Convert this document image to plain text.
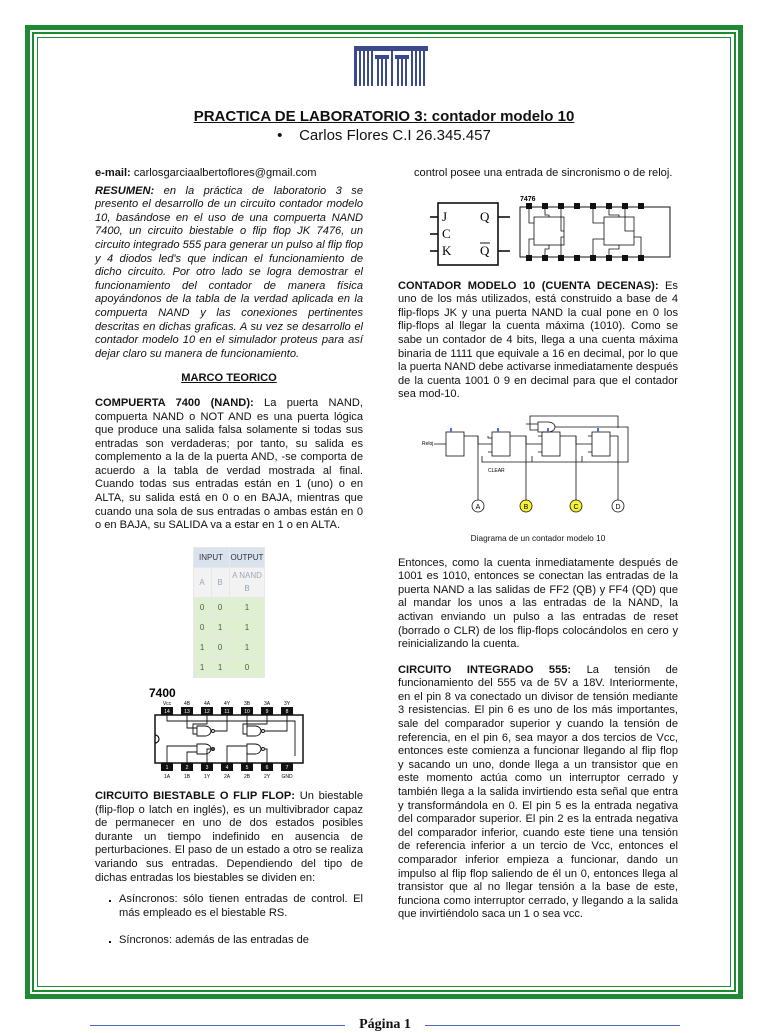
PRACTICA DE LABORATORIO 3: contador modelo 10
•    Carlos Flores C.I 26.345.457

e-mail: carlosgarciaalbertoflores@gmail.com

RESUMEN: en la práctica de laboratorio 3 se presento el desarrollo de un circuito contador modelo 10, basándose en el uso de una compuerta NAND 7400, un circuito biestable o flip flop JK 7476, un circuito integrado 555 para generar un pulso al flip flop y 4 diodos led's que indican el funcionamiento de dicho circuito. Por otro lado se logra demostrar el funcionamiento del contador de manera física apoyándonos de la tabla de la verdad aplicada en la compuerta NAND y las conexiones pertinentes descritas en dichas graficas. A su vez se desarrollo el contador modelo 10 en el simulador proteus para así dejar claro su manera de funcionamiento.

MARCO TEORICO

COMPUERTA 7400 (NAND): La puerta NAND, compuerta NAND o NOT AND es una puerta lógica que produce una salida falsa solamente si todas sus entradas son verdaderas; por tanto, su salida es complemento a la de la puerta AND, -se comporta de acuerdo a la tabla de verdad mostrada al final. Cuando todas sus entradas están en 1 (uno) o en ALTA, su salida está en 0 o en BAJA, mientras que cuando una sola de sus entradas o ambas están en 0 o en BAJA, su SALIDA va a estar en 1 o en ALTA.

INPUT		OUTPUT
A	B	A NAND B
0	0	1
0	1	1
1	0	1
1	1	0
7400
Vcc	4B	4A	4Y	3B	3A	3Y
14	13	12	11	10	9	8
1	2	3	4	5	6	7
1A	1B	1Y	2A	2B	2Y GND

CIRCUITO BIESTABLE O FLIP FLOP: Un biestable (flip-flop o latch en inglés), es un multivibrador capaz de permanecer en uno de dos estados posibles durante un tiempo indefinido en ausencia de perturbaciones. El paso de un estado a otro se realiza variando sus entradas. Dependiendo del tipo de dichas entradas los biestables se dividen en:

▪ Asíncronos: sólo tienen entradas de control. El más empleado es el biestable RS.
▪ Síncronos: además de las entradas de

control posee una entrada de sincronismo o de reloj.

J
C
K
Q
Q
7476

CONTADOR MODELO 10 (CUENTA DECENAS): Es uno de los más utilizados, está construido a base de 4 flip-flops JK y una puerta NAND la cual pone en 0 los flip-flops al llegar la cuenta máxima (1010). Como se sabe un contador de 4 bits, llega a una cuenta máxima binaria de 1111 que equivale a 16 en decimal, por lo que la puerta NAND debe activarse inmediatamente después de la cuenta 1001 0 9 en decimal para que el contador sea mod-10.

Reloj
CLEAR
A	B	C	D

Diagrama de un contador modelo 10

Entonces, como la cuenta inmediatamente después de 1001 es 1010, entonces se conectan las entradas de la puerta NAND a las salidas de FF2 (QB) y FF4 (QD) que al mandar los unos a las entradas de la NAND, la activan enviando un pulso a las entradas de reset (borrado o CLR) de los flip-flops colocándolos en cero y reinicializando la cuenta.

CIRCUITO INTEGRADO 555: La tensión de funcionamiento del 555 va de 5V a 18V. Interiormente, en el pin 8 va conectado un divisor de tensión mediante 3 resistencias. El pin 6 es uno de los más importantes, sale del comparador superior y cuando la tensión de referencia, en el pin 6, sea mayor a dos tercios de Vcc, entonces este comienza a funcionar llegando al flip flop y sacando un uno, donde llega a un transistor que en este momento actúa como un interruptor cerrado y también llega a la salida invirtiendo esta señal que entra y transformándola en 0. El pin 5 es la entrada negativa del comparador superior. El pin 2 es la entrada negativa del comparador inferior, cuando este tiene una tensión de referencia inferior a un tercio de Vcc, entonces el comparador inferior empieza a funcionar, dando un impulso al flip flop saliendo de él un 0, entonces llega al transistor que al no llegar tensión a la base de este, funciona como interruptor cerrado, y llegando a la salida que invirtiéndolo saca un 1 o sea vcc.

Página 1
